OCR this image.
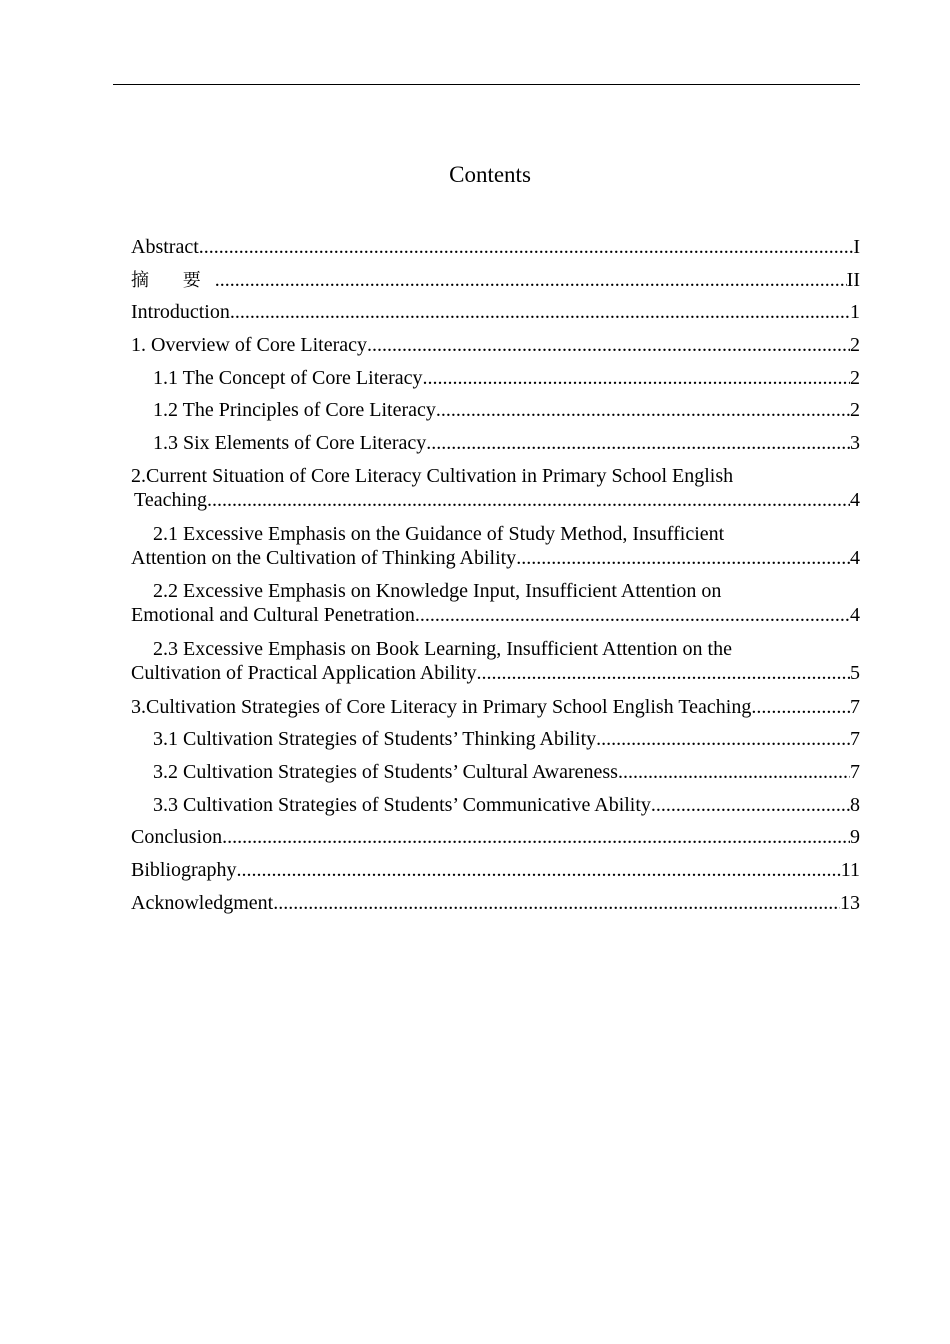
Contents
Abstract .....	I
摘 要 .....	II
Introduction .....	1
1. Overview of Core Literacy .....	2
1.1 The Concept of Core Literacy .....	2
1.2 The Principles of Core Literacy .....	2
1.3 Six Elements of Core Literacy .....	3
2.Current Situation of Core Literacy Cultivation in Primary School English
Teaching .....	4
2.1 Excessive Emphasis on the Guidance of Study Method, Insufficient
Attention on the Cultivation of Thinking Ability .....	4
2.2 Excessive Emphasis on Knowledge Input, Insufficient Attention on
Emotional and Cultural Penetration .....	4
2.3 Excessive Emphasis on Book Learning, Insufficient Attention on the
Cultivation of Practical Application Ability .....	5
3.Cultivation Strategies of Core Literacy in Primary School English Teaching .....	7
3.1 Cultivation Strategies of Students’ Thinking Ability .....	7
3.2 Cultivation Strategies of Students’ Cultural Awareness .....	7
3.3 Cultivation Strategies of Students’ Communicative Ability .....	8
Conclusion .....	9
Bibliography .....	11
Acknowledgment .....	13
